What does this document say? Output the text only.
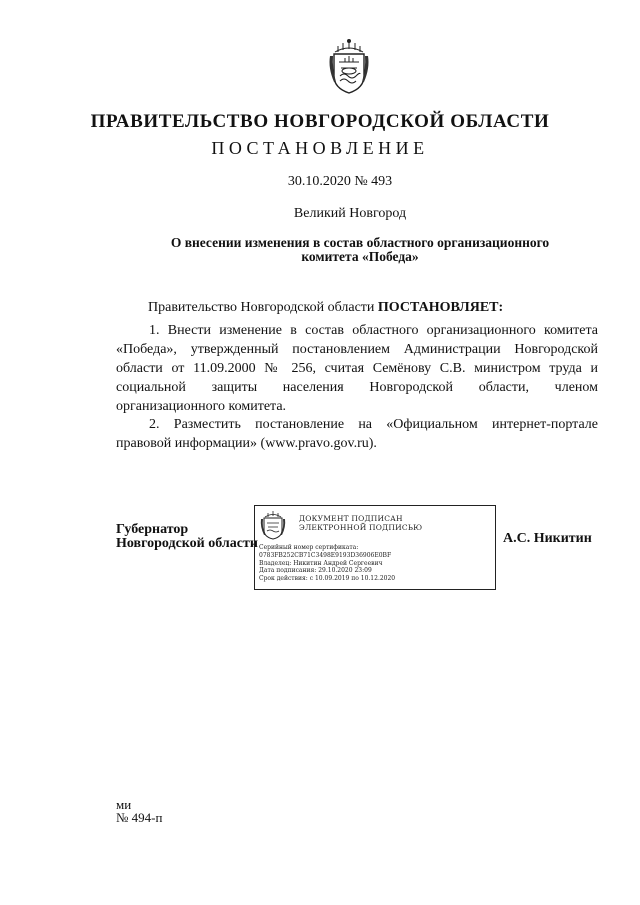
ПРАВИТЕЛЬСТВО НОВГОРОДСКОЙ ОБЛАСТИ
ПОСТАНОВЛЕНИЕ
30.10.2020 № 493
Великий Новгород
О внесении изменения в состав областного организационного
комитета «Победа»
Правительство Новгородской области ПОСТАНОВЛЯЕТ:
1. Внести изменение в состав областного организационного комитета «Победа», утвержденный постановлением Администрации Новгородской области от 11.09.2000 № 256, считая Семёнову С.В. министром труда и социальной защиты населения Новгородской области, членом организационного комитета.
2. Разместить постановление на «Официальном интернет-портале правовой информации» (www.pravo.gov.ru).
Губернатор
Новгородской области
ДОКУМЕНТ ПОДПИСАН
ЭЛЕКТРОННОЙ ПОДПИСЬЮ
Серийный номер сертификата:
0783FB252CB71C3498E9193D36906E0BF
Владелец: Никитин Андрей Сергеевич
Дата подписания: 29.10.2020 23:09
Срок действия: с 10.09.2019 по 10.12.2020
А.С. Никитин
ми
№ 494-п
